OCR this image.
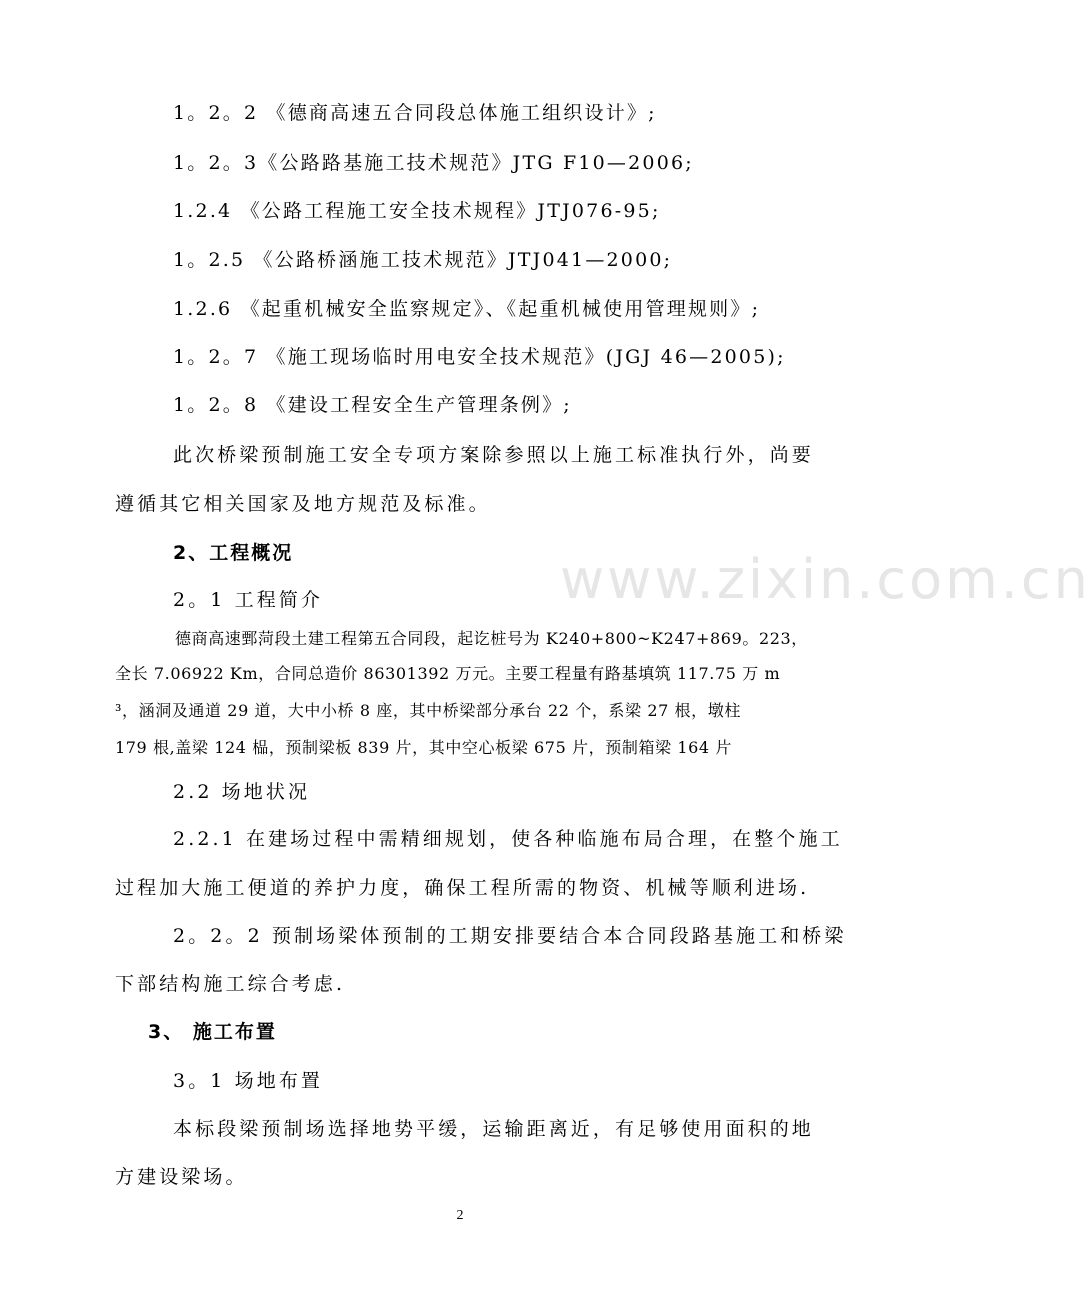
www.zixin.com.cn
1。2。2 《德商高速五合同段总体施工组织设计》;
1。2。3《公路路基施工技术规范》JTG F10—2006;
1.2.4 《公路工程施工安全技术规程》JTJ076-95;
1。2.5 《公路桥涵施工技术规范》JTJ041—2000;
1.2.6 《起重机械安全监察规定》、《起重机械使用管理规则》;
1。2。7 《施工现场临时用电安全技术规范》(JGJ 46—2005);
1。2。8 《建设工程安全生产管理条例》;
此次桥梁预制施工安全专项方案除参照以上施工标准执行外，尚要
遵循其它相关国家及地方规范及标准。
2、工程概况
2。1 工程简介
德商高速鄄菏段土建工程第五合同段，起讫桩号为 K240+800~K247+869。223，
全长 7.06922 Km，合同总造价 86301392 万元。主要工程量有路基填筑 117.75 万 m
³，涵洞及通道 29 道，大中小桥 8 座，其中桥梁部分承台 22 个，系梁 27 根，墩柱
179 根,盖梁 124 榀，预制梁板 839 片，其中空心板梁 675 片，预制箱梁 164 片
2.2 场地状况
2.2.1 在建场过程中需精细规划，使各种临施布局合理，在整个施工
过程加大施工便道的养护力度，确保工程所需的物资、机械等顺利进场.
2。2。2 预制场梁体预制的工期安排要结合本合同段路基施工和桥梁
下部结构施工综合考虑.
3、 施工布置
3。1 场地布置
本标段梁预制场选择地势平缓，运输距离近，有足够使用面积的地
方建设梁场。
2
